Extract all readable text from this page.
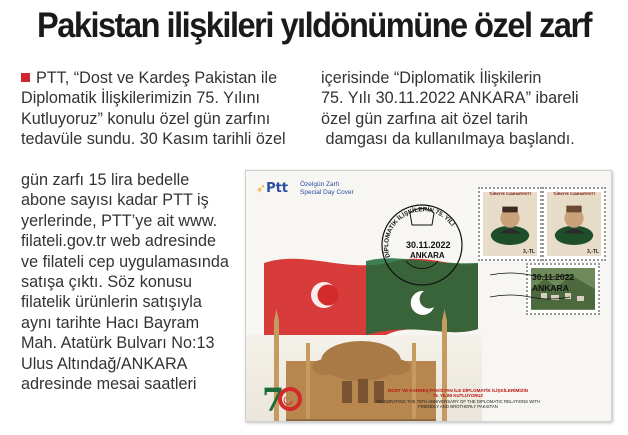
Pakistan ilişkileri yıldönümüne özel zarf
PTT, “Dost ve Kardeş Pakistan ile
Diplomatik İlişkilerimizin 75. Yılını
Kutluyoruz” konulu özel gün zarfını
tedavüle sundu. 30 Kasım tarihli özel
gün zarfı 15 lira bedelle
abone sayısı kadar PTT iş
yerlerinde, PTT’ye ait www.
filateli.gov.tr web adresinde
ve filateli cep uygulamasında
satışa çıktı. Söz konusu
filatelik ürünlerin satışıyla
aynı tarihte Hacı Bayram
Mah. Atatürk Bulvarı No:13
Ulus Altındağ/ANKARA
adresinde mesai saatleri
içerisinde “Diplomatik İlişkilerin
75. Yılı 30.11.2022 ANKARA” ibareli
özel gün zarfına ait özel tarih
damgası da kullanılmaya başlandı.
➶Ptt Özelgün Zarfı
Special Day Cover
DİPLOMATİK İLİŞKİLERİN 75. YILI
30.11.2022
ANKARA
TÜRKİYE CUMHURİYETİ
3,-TL
TÜRKİYE CUMHURİYETİ
3,-TL
30.11.2022
ANKARA
7	DOST VE KARDEŞ PAKİSTAN İLE DİPLOMATİK İLİŞKİLERİMİZİN
75. YILINI KUTLUYORUZ
CELEBRATING THE 75TH ANNIVERSARY OF THE DIPLOMATIC RELATIONS WITH
FRIENDLY AND BROTHERLY PAKISTAN
